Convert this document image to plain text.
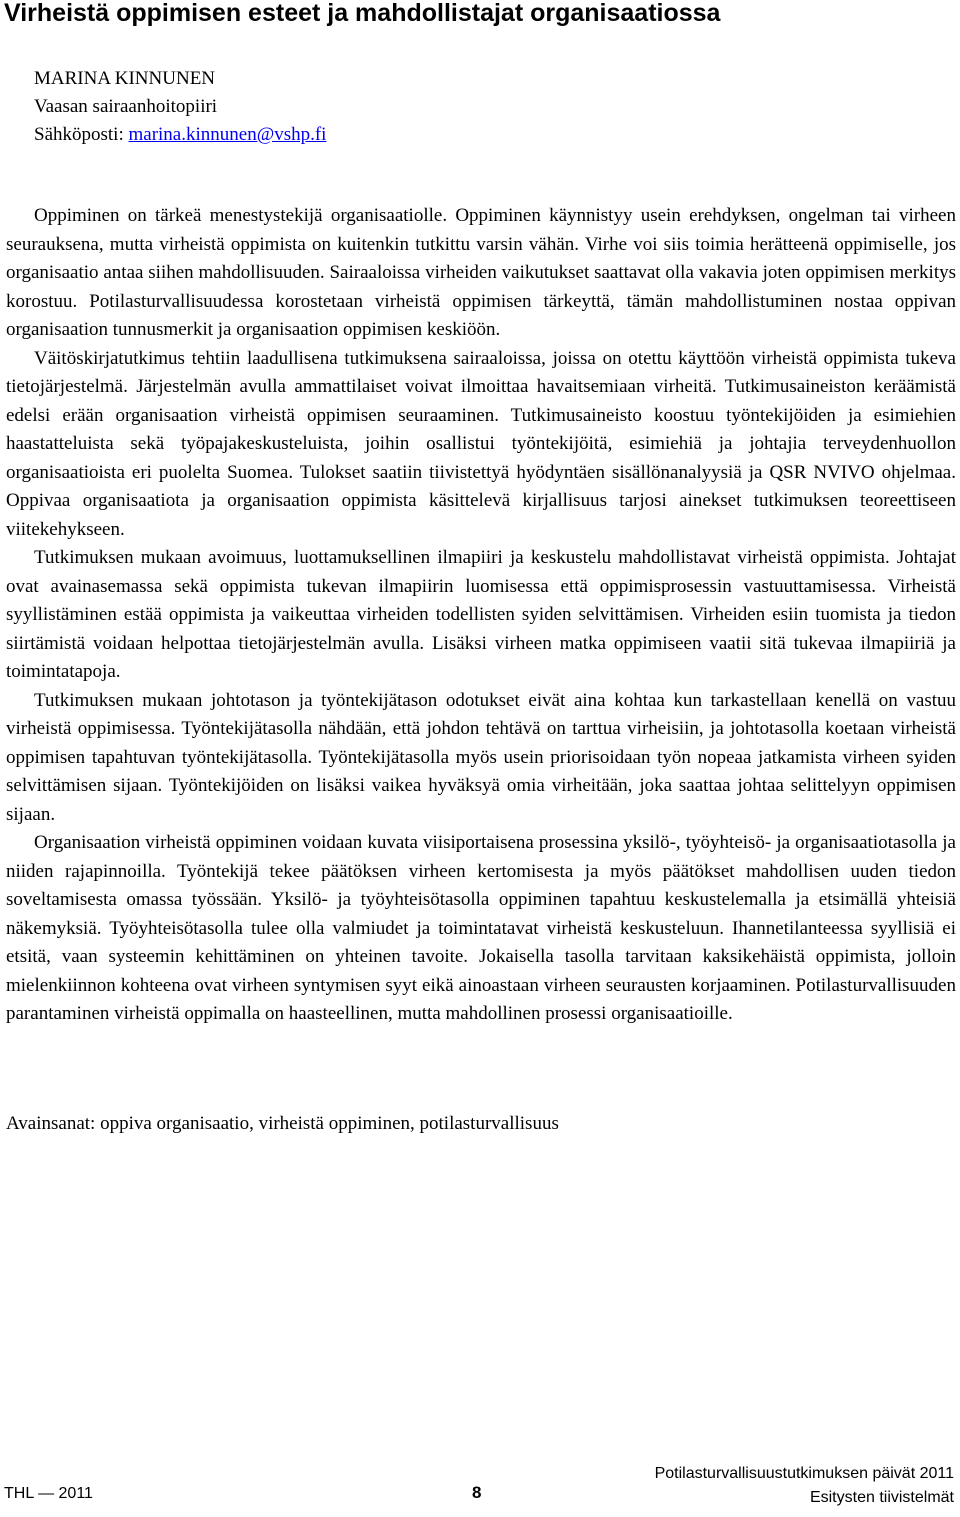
Virheistä oppimisen esteet ja mahdollistajat organisaatiossa
MARINA KINNUNEN
Vaasan sairaanhoitopiiri
Sähköposti: marina.kinnunen@vshp.fi

Oppiminen on tärkeä menestystekijä organisaatiolle. Oppiminen käynnistyy usein erehdyksen, ongelman tai virheen seurauksena, mutta virheistä oppimista on kuitenkin tutkittu varsin vähän. Virhe voi siis toimia herätteenä oppimiselle, jos organisaatio antaa siihen mahdollisuuden. Sairaaloissa virheiden vaikutukset saattavat olla vakavia joten oppimisen merkitys korostuu. Potilasturvallisuudessa korostetaan virheistä oppimisen tärkeyttä, tämän mahdollistuminen nostaa oppivan organisaation tunnusmerkit ja organisaation oppimisen keskiöön.

Väitöskirjatutkimus tehtiin laadullisena tutkimuksena sairaaloissa, joissa on otettu käyttöön virheistä oppimista tukeva tietojärjestelmä. Järjestelmän avulla ammattilaiset voivat ilmoittaa havaitsemiaan virheitä. Tutkimusaineiston keräämistä edelsi erään organisaation virheistä oppimisen seuraaminen. Tutkimusaineisto koostuu työntekijöiden ja esimiehien haastatteluista sekä työpajakeskusteluista, joihin osallistui työntekijöitä, esimiehiä ja johtajia terveydenhuollon organisaatioista eri puolelta Suomea. Tulokset saatiin tiivistettyä hyödyntäen sisällönanalyysiä ja QSR NVIVO ohjelmaa. Oppivaa organisaatiota ja organisaation oppimista käsittelevä kirjallisuus tarjosi ainekset tutkimuksen teoreettiseen viitekehykseen.

Tutkimuksen mukaan avoimuus, luottamuksellinen ilmapiiri ja keskustelu mahdollistavat virheistä oppimista. Johtajat ovat avainasemassa sekä oppimista tukevan ilmapiirin luomisessa että oppimisprosessin vastuuttamisessa. Virheistä syyllistäminen estää oppimista ja vaikeuttaa virheiden todellisten syiden selvittämisen. Virheiden esiin tuomista ja tiedon siirtämistä voidaan helpottaa tietojärjestelmän avulla. Lisäksi virheen matka oppimiseen vaatii sitä tukevaa ilmapiiriä ja toimintatapoja.

Tutkimuksen mukaan johtotason ja työntekijätason odotukset eivät aina kohtaa kun tarkastellaan kenellä on vastuu virheistä oppimisessa. Työntekijätasolla nähdään, että johdon tehtävä on tarttua virheisiin, ja johtotasolla koetaan virheistä oppimisen tapahtuvan työntekijätasolla. Työntekijätasolla myös usein priorisoidaan työn nopeaa jatkamista virheen syiden selvittämisen sijaan. Työntekijöiden on lisäksi vaikea hyväksyä omia virheitään, joka saattaa johtaa selittelyyn oppimisen sijaan.

Organisaation virheistä oppiminen voidaan kuvata viisiportaisena prosessina yksilö-, työyhteisö- ja organisaatiotasolla ja niiden rajapinnoilla. Työntekijä tekee päätöksen virheen kertomisesta ja myös päätökset mahdollisen uuden tiedon soveltamisesta omassa työssään. Yksilö- ja työyhteisötasolla oppiminen tapahtuu keskustelemalla ja etsimällä yhteisiä näkemyksiä. Työyhteisötasolla tulee olla valmiudet ja toimintatavat virheistä keskusteluun. Ihannetilanteessa syyllisiä ei etsitä, vaan systeemin kehittäminen on yhteinen tavoite. Jokaisella tasolla tarvitaan kaksikehäistä oppimista, jolloin mielenkiinnon kohteena ovat virheen syntymisen syyt eikä ainoastaan virheen seurausten korjaaminen. Potilasturvallisuuden parantaminen virheistä oppimalla on haasteellinen, mutta mahdollinen prosessi organisaatioille.

Avainsanat: oppiva organisaatio, virheistä oppiminen, potilasturvallisuus
THL — 2011	8
Potilasturvallisuustutkimuksen päivät 2011
Esitysten tiivistelmät
